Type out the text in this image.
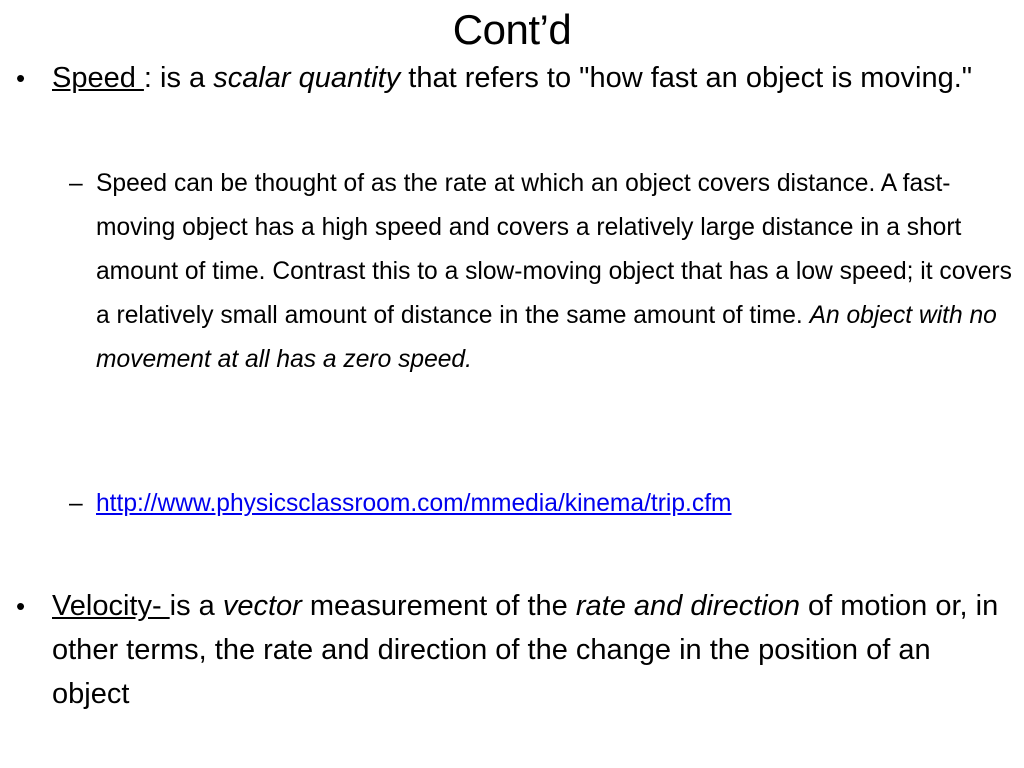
Cont’d
• Speed : is a scalar quantity that refers to "how fast an object is moving."
– Speed can be thought of as the rate at which an object covers distance. A fast-moving object has a high speed and covers a relatively large distance in a short amount of time. Contrast this to a slow-moving object that has a low speed; it covers a relatively small amount of distance in the same amount of time. An object with no movement at all has a zero speed.
– http://www.physicsclassroom.com/mmedia/kinema/trip.cfm
• Velocity- is a vector measurement of the rate and direction of motion or, in other terms, the rate and direction of the change in the position of an object
